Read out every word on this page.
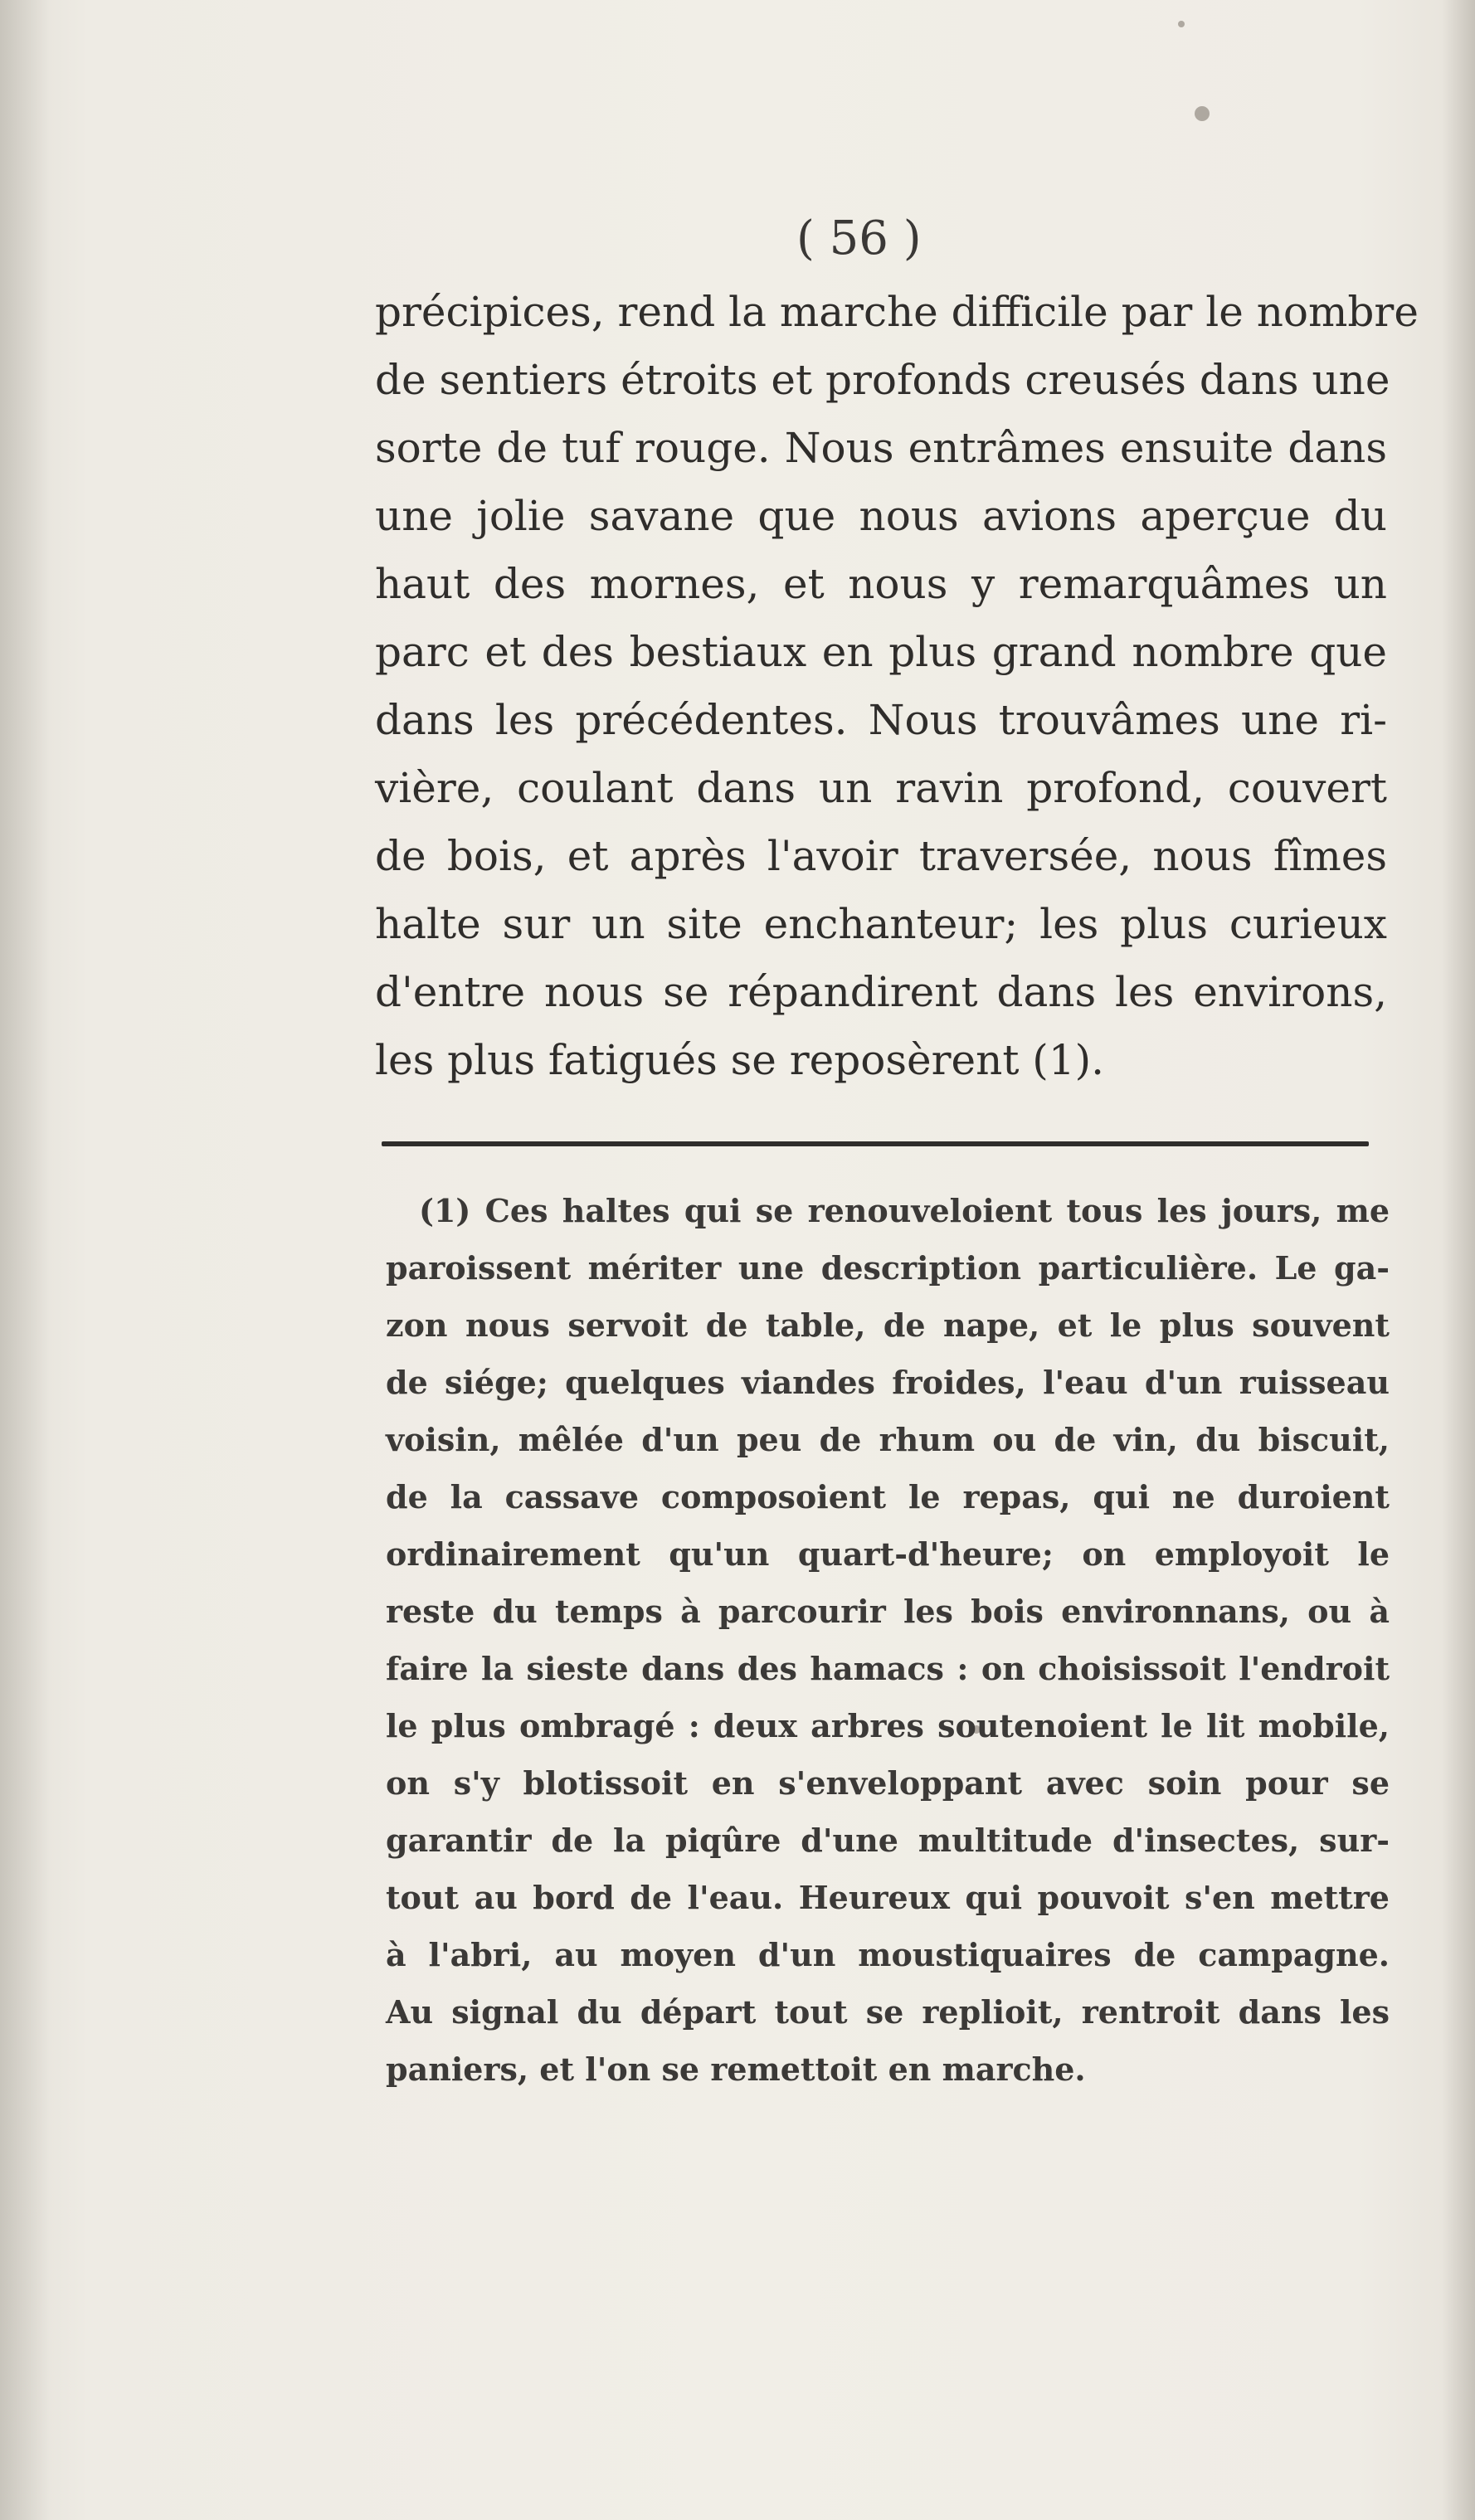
( 56 )
précipices, rend la marche difficile par le nombre
de sentiers étroits et profonds creusés dans une
sorte de tuf rouge. Nous entrâmes ensuite dans
une jolie savane que nous avions aperçue du
haut des mornes, et nous y remarquâmes un
parc et des bestiaux en plus grand nombre que
dans les précédentes. Nous trouvâmes une ri-
vière, coulant dans un ravin profond, couvert
de bois, et après l'avoir traversée, nous fîmes
halte sur un site enchanteur; les plus curieux
d'entre nous se répandirent dans les environs,
les plus fatigués se reposèrent (1).
(1) Ces haltes qui se renouveloient tous les jours, me
paroissent mériter une description particulière. Le ga-
zon nous servoit de table, de nape, et le plus souvent
de siége; quelques viandes froides, l'eau d'un ruisseau
voisin, mêlée d'un peu de rhum ou de vin, du biscuit,
de la cassave composoient le repas, qui ne duroient
ordinairement qu'un quart-d'heure; on employoit le
reste du temps à parcourir les bois environnans, ou à
faire la sieste dans des hamacs : on choisissoit l'endroit
le plus ombragé : deux arbres soutenoient le lit mobile,
on s'y blotissoit en s'enveloppant avec soin pour se
garantir de la piqûre d'une multitude d'insectes, sur-
tout au bord de l'eau. Heureux qui pouvoit s'en mettre
à l'abri, au moyen d'un moustiquaires de campagne.
Au signal du départ tout se replioit, rentroit dans les
paniers, et l'on se remettoit en marche.
